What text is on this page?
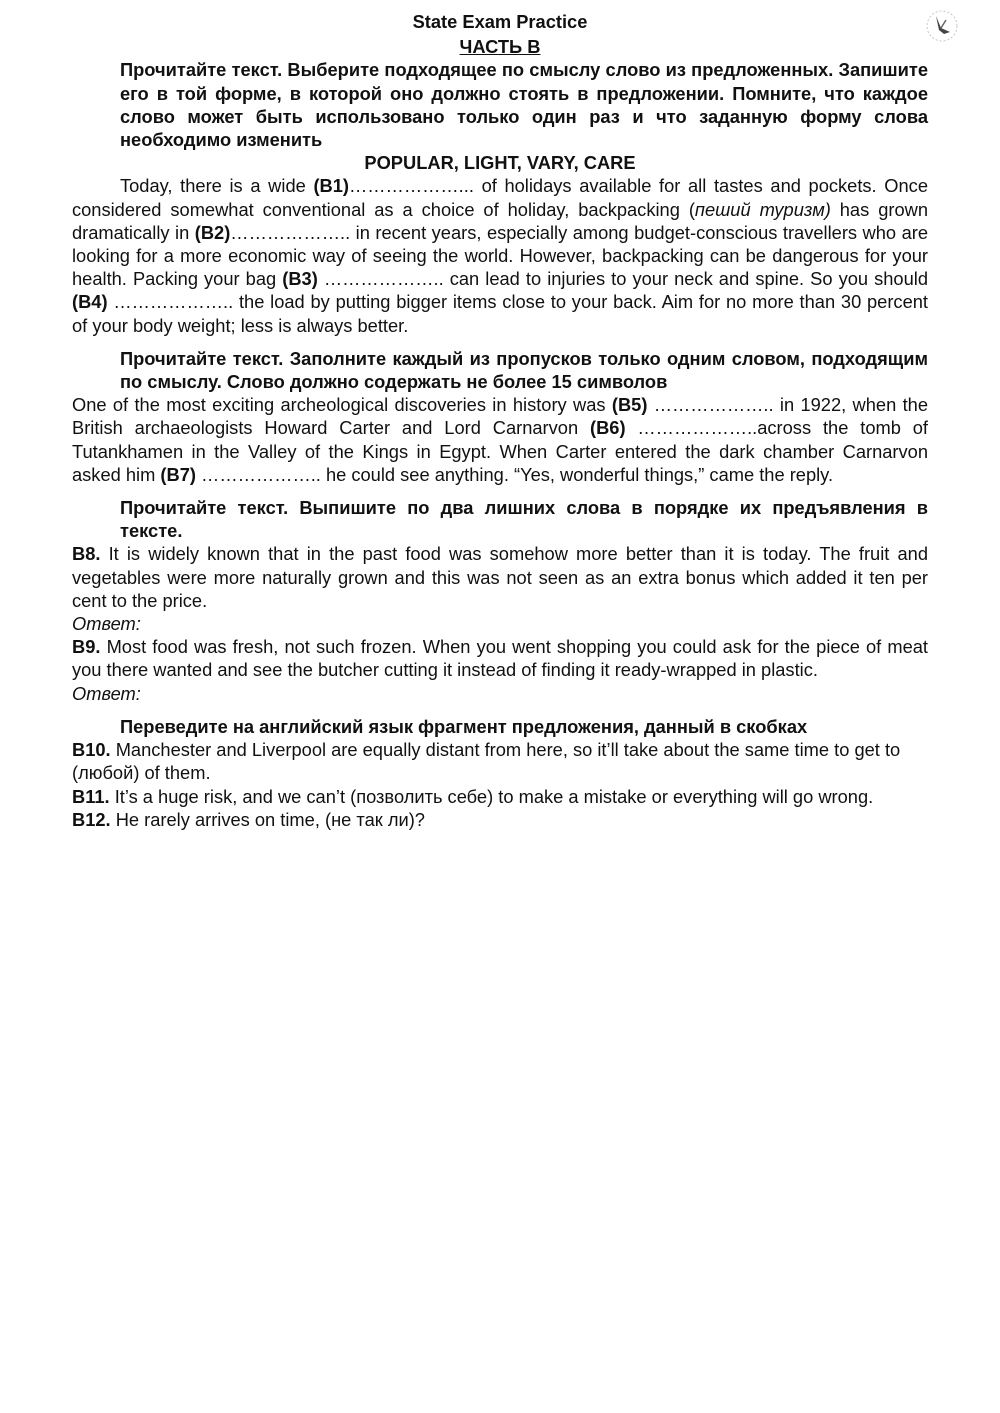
State Exam Practice
ЧАСТЬ В
Прочитайте текст. Выберите подходящее по смыслу слово из предложенных. Запишите его в той форме, в которой оно должно стоять в предложении. Помните, что каждое слово может быть использовано только один раз и что заданную форму слова необходимо изменить
POPULAR, LIGHT, VARY, CARE
Today, there is a wide (B1)………………... of holidays available for all tastes and pockets. Once considered somewhat conventional as a choice of holiday, backpacking (пеший туризм) has grown dramatically in (B2)……………….. in recent years, especially among budget-conscious travellers who are looking for a more economic way of seeing the world. However, backpacking can be dangerous for your health. Packing your bag (B3) ……………….. can lead to injuries to your neck and spine. So you should (B4) ……………….. the load by putting bigger items close to your back. Aim for no more than 30 percent of your body weight; less is always better.
Прочитайте текст. Заполните каждый из пропусков только одним словом, подходящим по смыслу. Слово должно содержать не более 15 символов
One of the most exciting archeological discoveries in history was (B5) ……………….. in 1922, when the British archaeologists Howard Carter and Lord Carnarvon (B6) ………………..across the tomb of Tutankhamen in the Valley of the Kings in Egypt. When Carter entered the dark chamber Carnarvon asked him (B7) ……………….. he could see anything. “Yes, wonderful things,” came the reply.
Прочитайте текст. Выпишите по два лишних слова в порядке их предъявления в тексте.
B8. It is widely known that in the past food was somehow more better than it is today. The fruit and vegetables were more naturally grown and this was not seen as an extra bonus which added it ten per cent to the price.
Ответ:
B9. Most food was fresh, not such frozen. When you went shopping you could ask for the piece of meat you there wanted and see the butcher cutting it instead of finding it ready-wrapped in plastic.
Ответ:
Переведите на английский язык фрагмент предложения, данный в скобках
B10. Manchester and Liverpool are equally distant from here, so it’ll take about the same time to get to (любой) of them.
B11. It’s a huge risk, and we can’t (позволить себе) to make a mistake or everything will go wrong.
B12. He rarely arrives on time, (не так ли)?
